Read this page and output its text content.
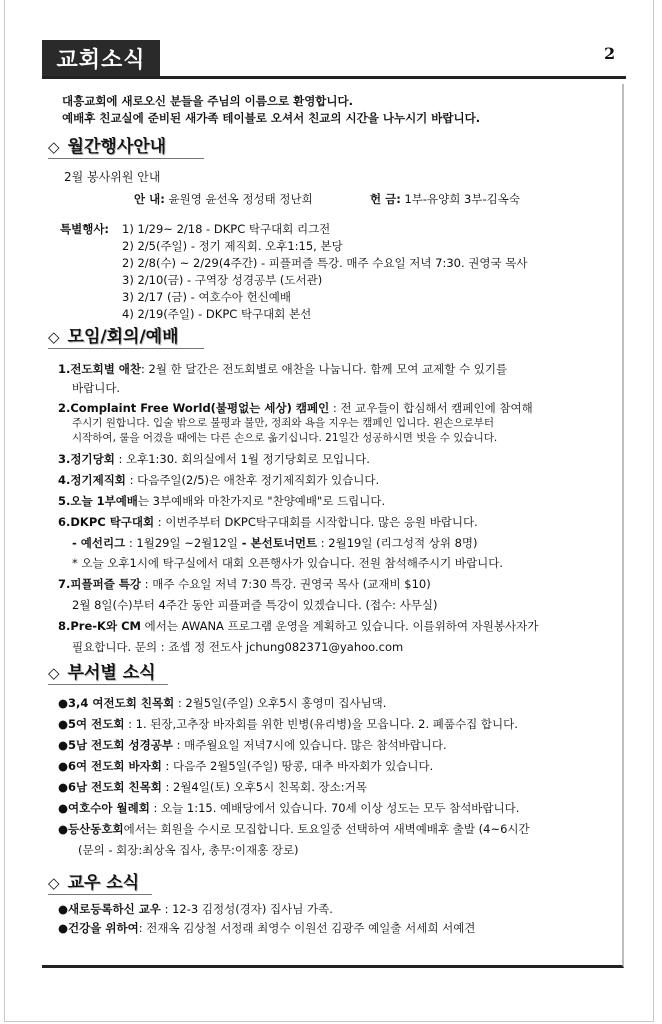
교회소식	2
대흥교회에 새로오신 분들을 주님의 이름으로 환영합니다.
예배후 친교실에 준비된 새가족 테이블로 오셔서 친교의 시간을 나누시기 바랍니다.
◇ 월간행사안내
2월 봉사위원 안내
안 내: 윤원영 윤선옥 정성태 정난희	헌 금: 1부-유양희 3부-김옥숙
특별행사: 1) 1/29~ 2/18 - DKPC 탁구대회 리그전
2) 2/5(주일) - 정기 제직회. 오후1:15, 본당
2) 2/8(수) ~ 2/29(4주간) - 피플퍼즐 특강. 매주 수요일 저녁 7:30. 권영국 목사
3) 2/10(금) - 구역장 성경공부 (도서관)
3) 2/17 (금) - 여호수아 헌신예배
4) 2/19(주일) - DKPC 탁구대회 본선
◇ 모임/회의/예배
1.전도회별 애찬: 2월 한 달간은 전도회별로 애찬을 나눕니다. 함께 모여 교제할 수 있기를
바랍니다.
2.Complaint Free World(불평없는 세상) 캠페인 : 전 교우들이 합심해서 캠페인에 참여해
주시기 원합니다. 입술 밖으로 불평과 불만, 정죄와 욕을 지우는 캠페인 입니다. 왼손으로부터
시작하여, 룰을 어겼을 때에는 다른 손으로 옮기십니다. 21일간 성공하시면 벗을 수 있습니다.
3.정기당회 : 오후1:30. 회의실에서 1월 정기당회로 모입니다.
4.정기제직회 : 다음주일(2/5)은 애찬후 정기제직회가 있습니다.
5.오늘 1부예배는 3부예배와 마찬가지로 "찬양예배"로 드립니다.
6.DKPC 탁구대회 : 이번주부터 DKPC탁구대회를 시작합니다. 많은 응원 바랍니다.
- 예선리그 : 1월29일 ~2월12일 - 본선토너먼트 : 2월19일 (리그성적 상위 8명)
* 오늘 오후1시에 탁구실에서 대회 오픈행사가 있습니다. 전원 참석해주시기 바랍니다.
7.피플퍼즐 특강 : 매주 수요일 저녁 7:30 특강. 권영국 목사 (교재비 $10)
2월 8일(수)부터 4주간 동안 피플퍼즐 특강이 있겠습니다. (접수: 사무실)
8.Pre-K와 CM 에서는 AWANA 프로그램 운영을 계획하고 있습니다. 이를위하여 자원봉사자가
필요합니다. 문의 : 죠셉 정 전도사 jchung082371@yahoo.com
◇ 부서별 소식
●3,4 여전도회 친목회 : 2월5일(주일) 오후5시 홍영미 집사님댁.
●5여 전도회 : 1. 된장,고추장 바자회를 위한 빈병(유리병)을 모읍니다. 2. 폐품수집 합니다.
●5남 전도회 성경공부 : 매주월요일 저녁7시에 있습니다. 많은 참석바랍니다.
●6여 전도회 바자회 : 다음주 2월5일(주일) 땅콩, 대추 바자회가 있습니다.
●6남 전도회 친목회 : 2월4일(토) 오후5시 친목회. 장소:거목
●여호수아 월례회 : 오늘 1:15. 예배당에서 있습니다. 70세 이상 성도는 모두 참석바랍니다.
●등산동호회에서는 회원을 수시로 모집합니다. 토요일중 선택하여 새벽예배후 출발 (4~6시간
(문의 - 회장:최상옥 집사, 총무:이재홍 장로)
◇ 교우 소식
●새로등록하신 교우 : 12-3 김정성(경자) 집사님 가족.
●건강을 위하여: 전재옥 김상철 서정래 최영수 이원선 김광주 예일출 서세희 서예견
